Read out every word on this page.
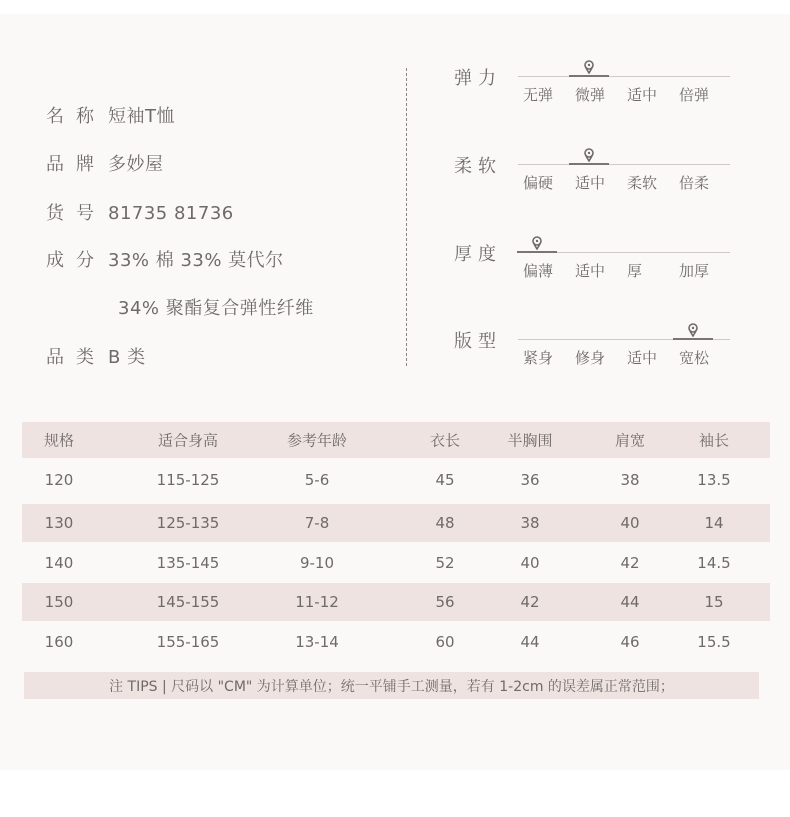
名称 短袖T恤
品牌 多妙屋
货号 81735 81736
成分 33% 棉 33% 莫代尔
34% 聚酯复合弹性纤维
品类 B 类
弹力
无弹 微弹 适中 倍弹
柔软
偏硬 适中 柔软 倍柔
厚度
偏薄 适中 厚 加厚
版型
紧身 修身 适中 宽松
规格	适合身高	参考年龄	衣长	半胸围	肩宽	袖长
120	115-125	5-6	45	36	38	13.5
130	125-135	7-8	48	38	40	14
140	135-145	9-10	52	40	42	14.5
150	145-155	11-12	56	42	44	15
160	155-165	13-14	60	44	46	15.5
注 TIPS | 尺码以 "CM" 为计算单位；统一平铺手工测量，若有 1-2cm 的误差属正常范围；
